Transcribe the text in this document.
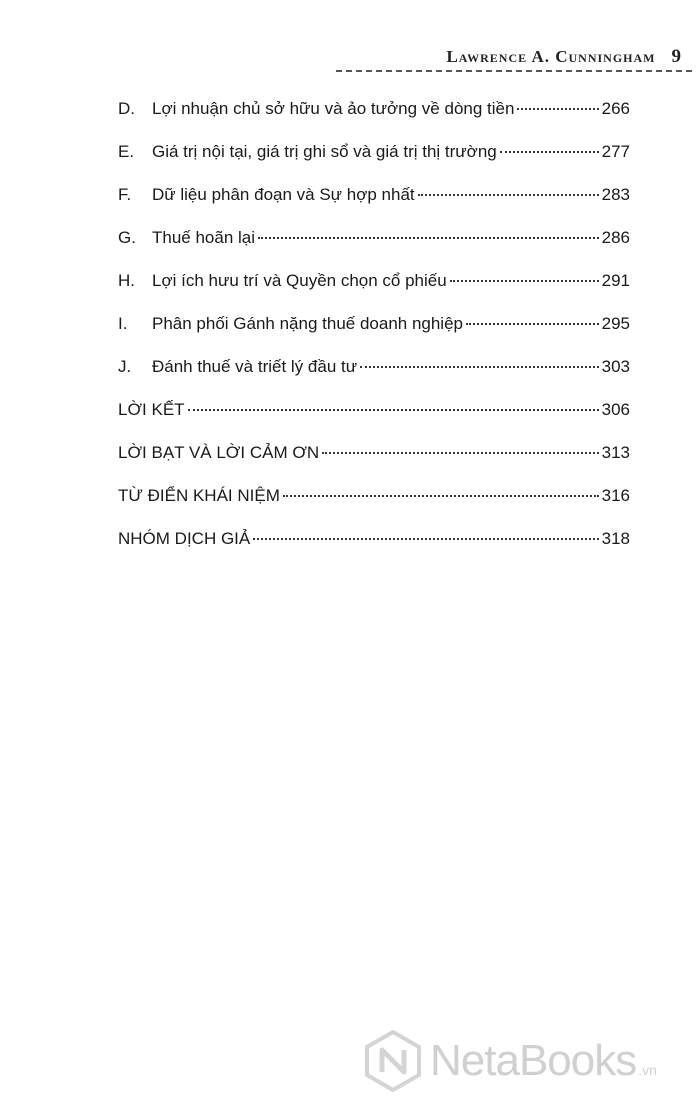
Lawrence A. Cunningham 9
D.	Lợi nhuận chủ sở hữu và ảo tưởng về dòng tiền	266
E.	Giá trị nội tại, giá trị ghi sổ và giá trị thị trường	277
F.	Dữ liệu phân đoạn và Sự hợp nhất	283
G. Thuế hoãn lại	286
H.	Lợi ích hưu trí và Quyền chọn cổ phiếu	291
I.	Phân phối Gánh nặng thuế doanh nghiệp	295
J.	Đánh thuế và triết lý đầu tư	303
LỜI KẾT	306
LỜI BẠT VÀ LỜI CẢM ƠN	313
TỪ ĐIỂN KHÁI NIỆM	316
NHÓM DỊCH GIẢ	318
NetaBooks .vn
